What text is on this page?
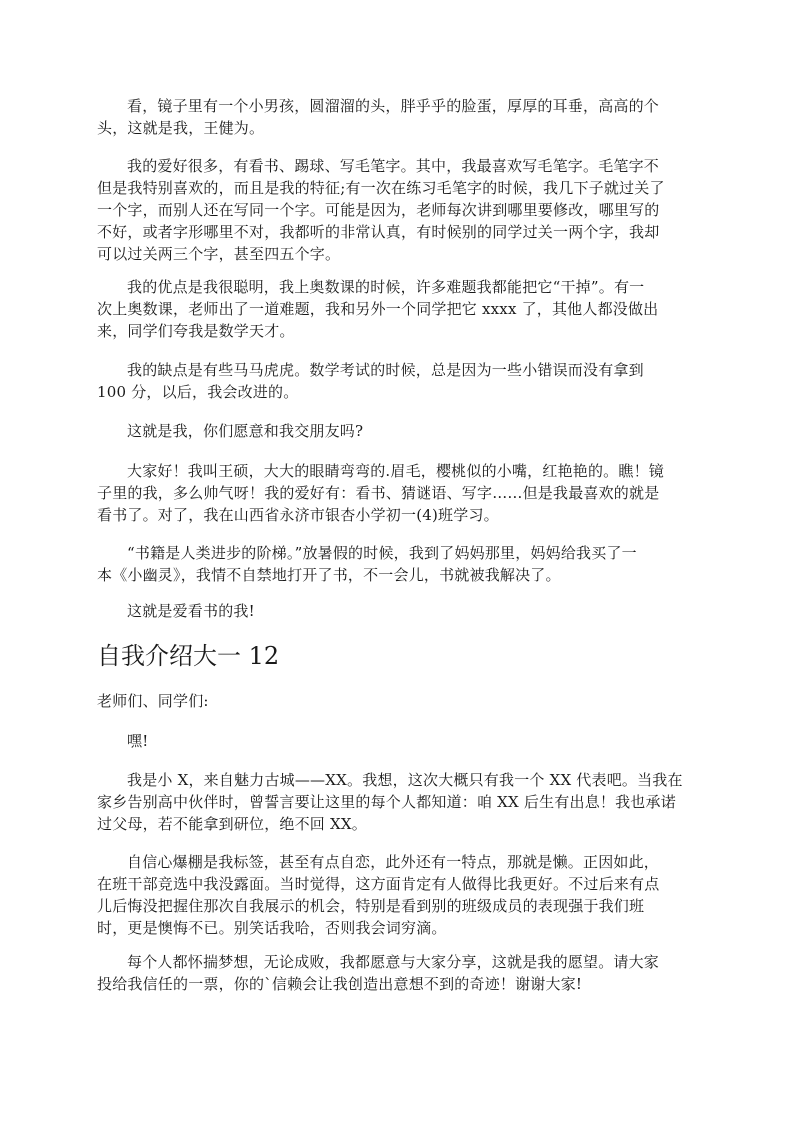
看，镜子里有一个小男孩，圆溜溜的头，胖乎乎的脸蛋，厚厚的耳垂，高高的个
头，这就是我，王健为。

我的爱好很多，有看书、踢球、写毛笔字。其中，我最喜欢写毛笔字。毛笔字不
但是我特别喜欢的，而且是我的特征;有一次在练习毛笔字的时候，我几下子就过关了
一个字，而别人还在写同一个字。可能是因为，老师每次讲到哪里要修改，哪里写的
不好，或者字形哪里不对，我都听的非常认真，有时候别的同学过关一两个字，我却
可以过关两三个字，甚至四五个字。

我的优点是我很聪明，我上奥数课的时候，许多难题我都能把它“干掉”。有一
次上奥数课，老师出了一道难题，我和另外一个同学把它 xxxx 了，其他人都没做出
来，同学们夸我是数学天才。

我的缺点是有些马马虎虎。数学考试的时候，总是因为一些小错误而没有拿到
100 分，以后，我会改进的。

这就是我，你们愿意和我交朋友吗?

大家好！我叫王硕，大大的眼睛弯弯的.眉毛，樱桃似的小嘴，红艳艳的。瞧！镜
子里的我，多么帅气呀！我的爱好有：看书、猜谜语、写字……但是我最喜欢的就是
看书了。对了，我在山西省永济市银杏小学初一(4)班学习。

“书籍是人类进步的阶梯。”放暑假的时候，我到了妈妈那里，妈妈给我买了一
本《小幽灵》，我情不自禁地打开了书，不一会儿，书就被我解决了。

这就是爱看书的我!

自我介绍大一 12

老师们、同学们:

嘿!

我是小 X，来自魅力古城——XX。我想，这次大概只有我一个 XX 代表吧。当我在
家乡告别高中伙伴时，曾誓言要让这里的每个人都知道：咱 XX 后生有出息！我也承诺
过父母，若不能拿到研位，绝不回 XX。

自信心爆棚是我标签，甚至有点自恋，此外还有一特点，那就是懒。正因如此，
在班干部竞选中我没露面。当时觉得，这方面肯定有人做得比我更好。不过后来有点
儿后悔没把握住那次自我展示的机会，特别是看到别的班级成员的表现强于我们班
时，更是懊悔不已。别笑话我哈，否则我会词穷滴。

每个人都怀揣梦想，无论成败，我都愿意与大家分享，这就是我的愿望。请大家
投给我信任的一票，你的`信赖会让我创造出意想不到的奇迹！谢谢大家!
